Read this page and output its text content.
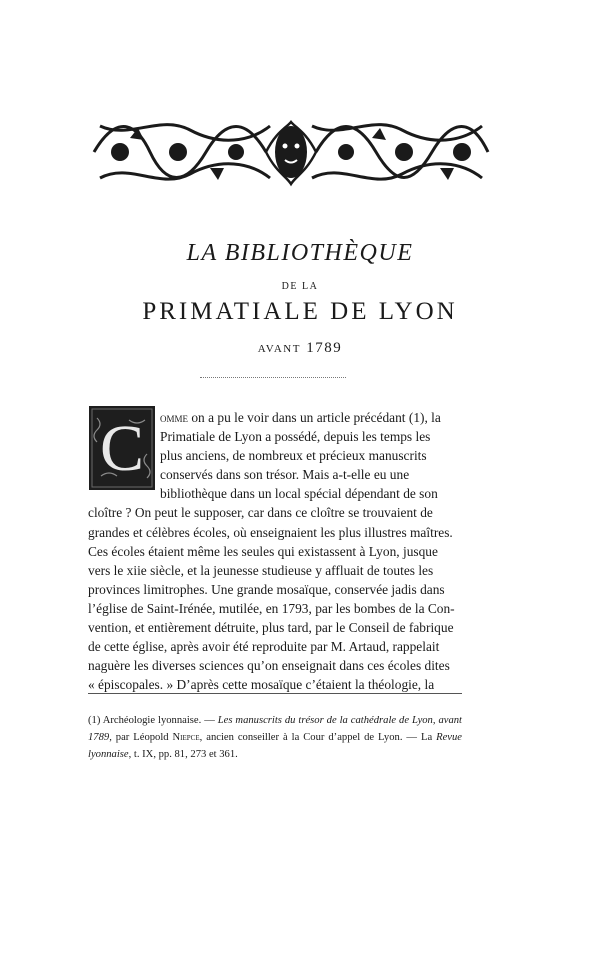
LA BIBLIOTHÈQUE
DE LA
PRIMATIALE DE LYON
avant 1789
C omme on a pu le voir dans un article précédant (1), la

Primatiale de Lyon a possédé, depuis les temps les

plus anciens, de nombreux et précieux manuscrits

conservés dans son trésor. Mais a-t-elle eu une

bibliothèque dans un local spécial dépendant de son

cloître ? On peut le supposer, car dans ce cloître se trouvaient de

grandes et célèbres écoles, où enseignaient les plus illustres maîtres.

Ces écoles étaient même les seules qui existassent à Lyon, jusque

vers le xiie siècle, et la jeunesse studieuse y affluait de toutes les

provinces limitrophes. Une grande mosaïque, conservée jadis dans

l’église de Saint-Irénée, mutilée, en 1793, par les bombes de la Con-

vention, et entièrement détruite, plus tard, par le Conseil de fabrique

de cette église, après avoir été reproduite par M. Artaud, rappelait

naguère les diverses sciences qu’on enseignait dans ces écoles dites

« épiscopales. » D’après cette mosaïque c’étaient la théologie, la

(1) Archéologie lyonnaise. — Les manuscrits du trésor de la cathédrale de Lyon, avant 1789, par Léopold Niepce, ancien conseiller à la Cour d’appel de Lyon. — La Revue lyonnaise, t. IX, pp. 81, 273 et 361.
